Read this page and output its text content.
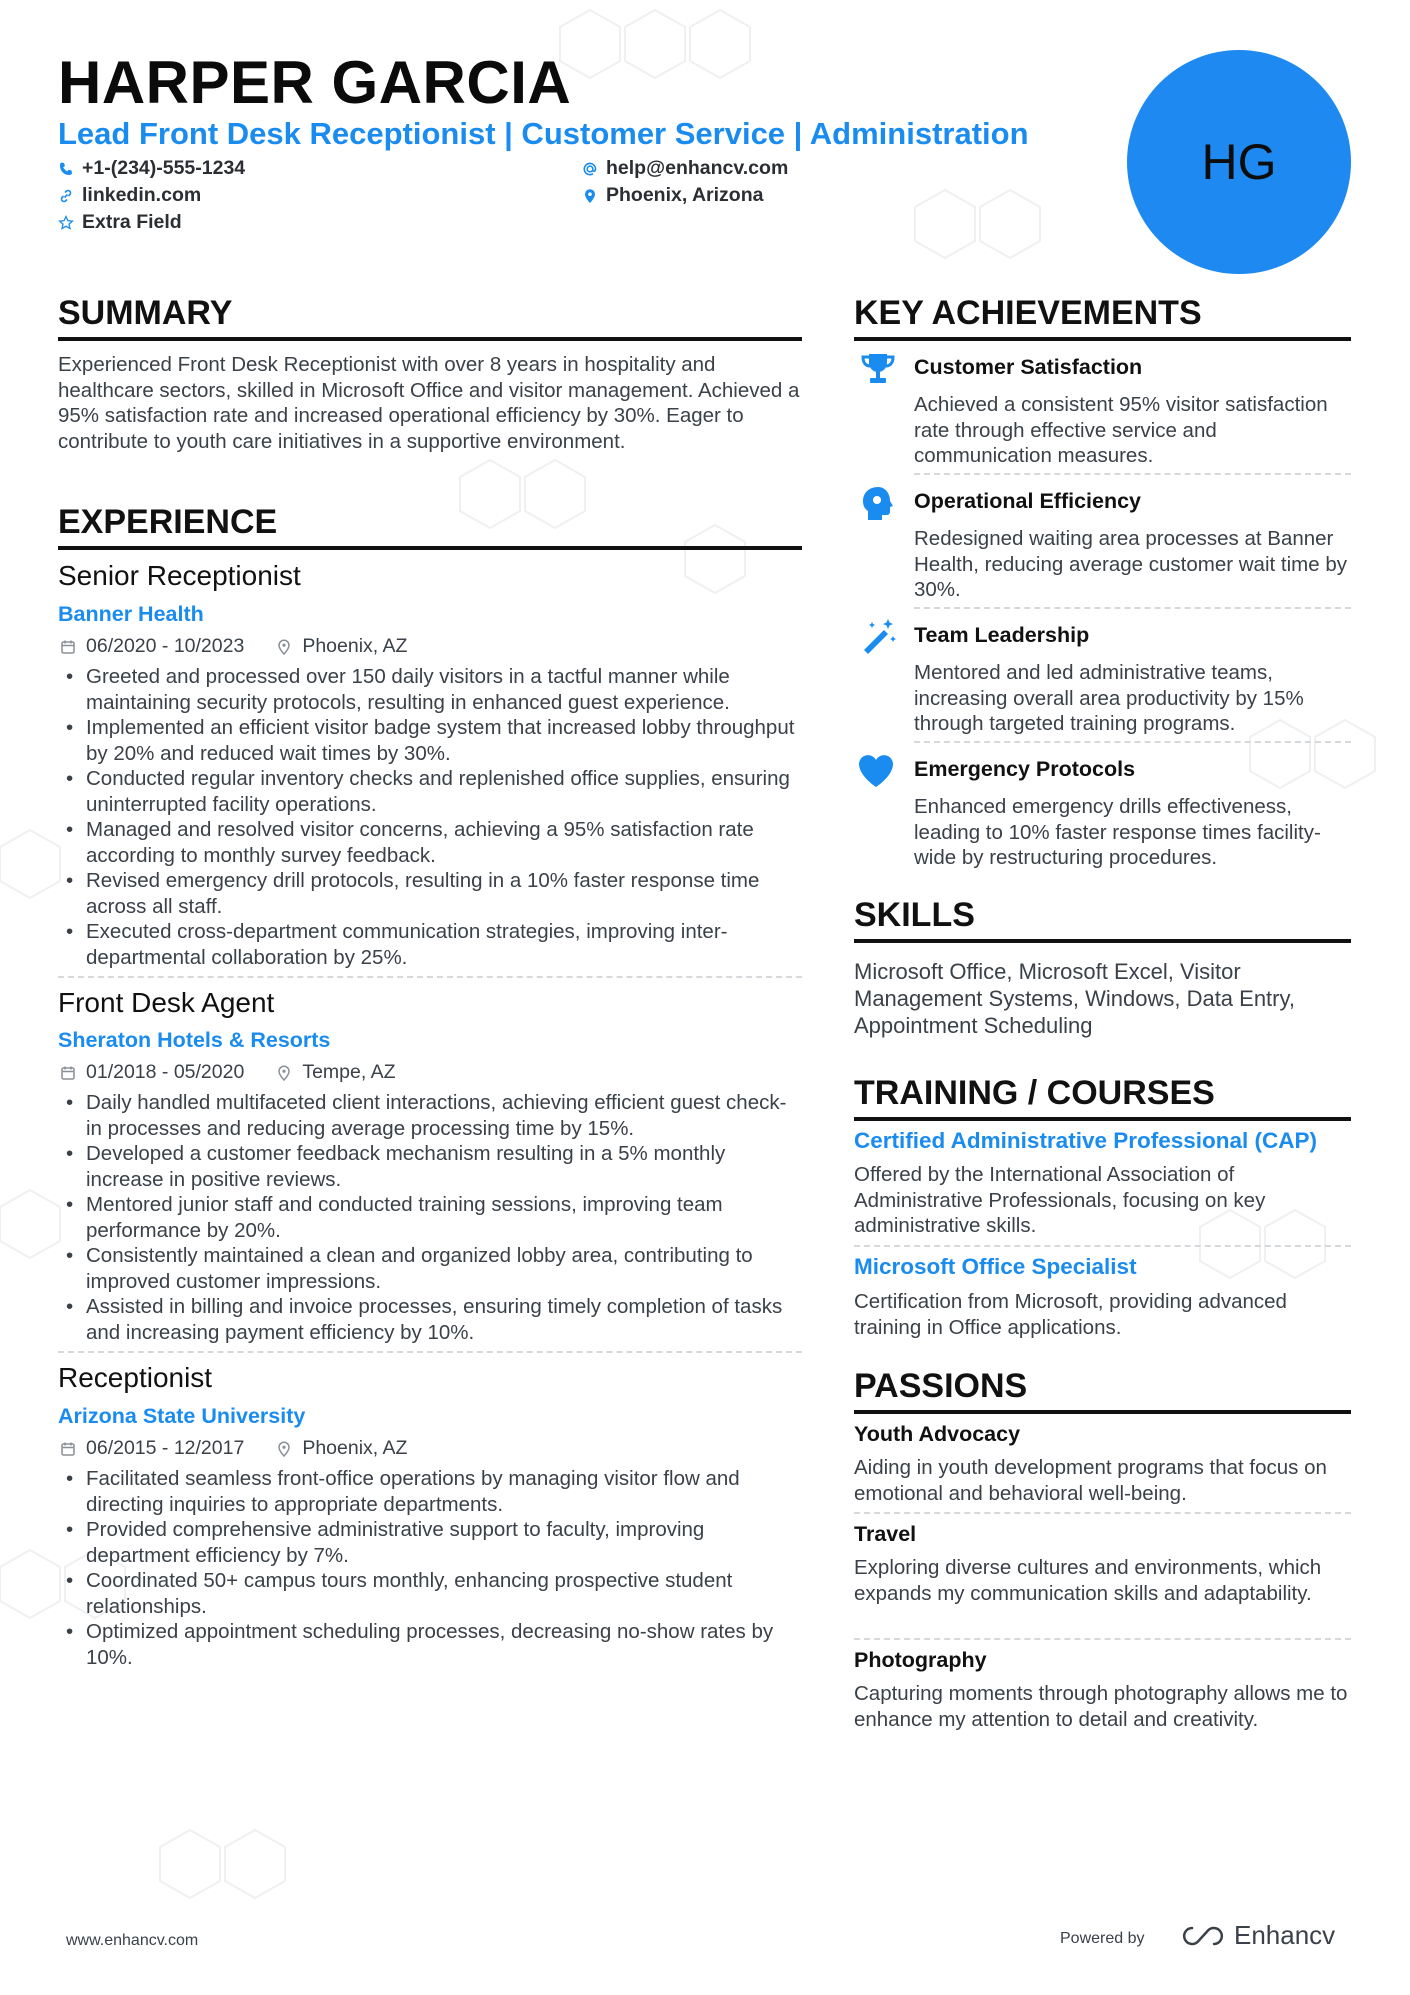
HARPER GARCIA
Lead Front Desk Receptionist | Customer Service | Administration
+1-(234)-555-1234	help@enhancv.com
linkedin.com	Phoenix, Arizona
Extra Field
HG
SUMMARY
Experienced Front Desk Receptionist with over 8 years in hospitality and healthcare sectors, skilled in Microsoft Office and visitor management. Achieved a 95% satisfaction rate and increased operational efficiency by 30%. Eager to contribute to youth care initiatives in a supportive environment.
EXPERIENCE
Senior Receptionist
Banner Health
06/2020 - 10/2023	Phoenix, AZ
• Greeted and processed over 150 daily visitors in a tactful manner while maintaining security protocols, resulting in enhanced guest experience.
• Implemented an efficient visitor badge system that increased lobby throughput by 20% and reduced wait times by 30%.
• Conducted regular inventory checks and replenished office supplies, ensuring uninterrupted facility operations.
• Managed and resolved visitor concerns, achieving a 95% satisfaction rate according to monthly survey feedback.
• Revised emergency drill protocols, resulting in a 10% faster response time across all staff.
• Executed cross-department communication strategies, improving inter-departmental collaboration by 25%.
Front Desk Agent
Sheraton Hotels & Resorts
01/2018 - 05/2020	Tempe, AZ
• Daily handled multifaceted client interactions, achieving efficient guest check-in processes and reducing average processing time by 15%.
• Developed a customer feedback mechanism resulting in a 5% monthly increase in positive reviews.
• Mentored junior staff and conducted training sessions, improving team performance by 20%.
• Consistently maintained a clean and organized lobby area, contributing to improved customer impressions.
• Assisted in billing and invoice processes, ensuring timely completion of tasks and increasing payment efficiency by 10%.
Receptionist
Arizona State University
06/2015 - 12/2017	Phoenix, AZ
• Facilitated seamless front-office operations by managing visitor flow and directing inquiries to appropriate departments.
• Provided comprehensive administrative support to faculty, improving department efficiency by 7%.
• Coordinated 50+ campus tours monthly, enhancing prospective student relationships.
• Optimized appointment scheduling processes, decreasing no-show rates by 10%.
KEY ACHIEVEMENTS
Customer Satisfaction
Achieved a consistent 95% visitor satisfaction rate through effective service and communication measures.
Operational Efficiency
Redesigned waiting area processes at Banner Health, reducing average customer wait time by 30%.
Team Leadership
Mentored and led administrative teams, increasing overall area productivity by 15% through targeted training programs.
Emergency Protocols
Enhanced emergency drills effectiveness, leading to 10% faster response times facility-wide by restructuring procedures.
SKILLS
Microsoft Office, Microsoft Excel, Visitor Management Systems, Windows, Data Entry, Appointment Scheduling
TRAINING / COURSES
Certified Administrative Professional (CAP)
Offered by the International Association of Administrative Professionals, focusing on key administrative skills.
Microsoft Office Specialist
Certification from Microsoft, providing advanced training in Office applications.
PASSIONS
Youth Advocacy
Aiding in youth development programs that focus on emotional and behavioral well-being.
Travel
Exploring diverse cultures and environments, which expands my communication skills and adaptability.
Photography
Capturing moments through photography allows me to enhance my attention to detail and creativity.
www.enhancv.com	Powered by	Enhancv
